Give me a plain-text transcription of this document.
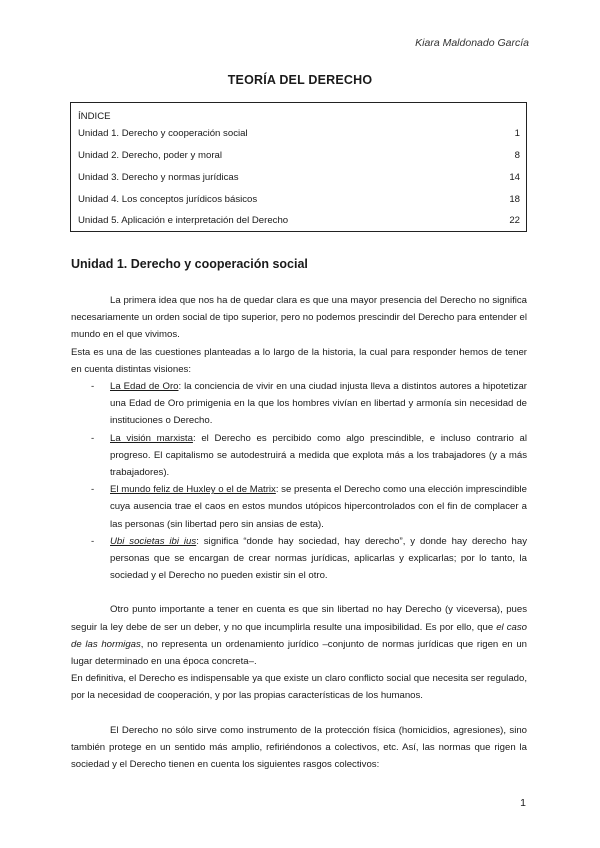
Kiara Maldonado García
TEORÍA DEL DERECHO
ÍNDICE
Unidad 1. Derecho y cooperación social	1
Unidad 2. Derecho, poder y moral	8
Unidad 3. Derecho y normas jurídicas	14
Unidad 4. Los conceptos jurídicos básicos	18
Unidad 5. Aplicación e interpretación del Derecho	22
Unidad 1. Derecho y cooperación social

La primera idea que nos ha de quedar clara es que una mayor presencia del Derecho no significa necesariamente un orden social de tipo superior, pero no podemos prescindir del Derecho para entender el mundo en el que vivimos.

Esta es una de las cuestiones planteadas a lo largo de la historia, la cual para responder hemos de tener en cuenta distintas visiones:

- La Edad de Oro: la conciencia de vivir en una ciudad injusta lleva a distintos autores a hipotetizar una Edad de Oro primigenia en la que los hombres vivían en libertad y armonía sin necesidad de instituciones o Derecho.
- La visión marxista: el Derecho es percibido como algo prescindible, e incluso contrario al progreso. El capitalismo se autodestruirá a medida que explota más a los trabajadores (y a más trabajadores).
- El mundo feliz de Huxley o el de Matrix: se presenta el Derecho como una elección imprescindible cuya ausencia trae el caos en estos mundos utópicos hipercontrolados con el fin de complacer a las personas (sin libertad pero sin ansias de esta).
- Ubi societas ibi ius: significa “donde hay sociedad, hay derecho”, y donde hay derecho hay personas que se encargan de crear normas jurídicas, aplicarlas y explicarlas; por lo tanto, la sociedad y el Derecho no pueden existir sin el otro.

Otro punto importante a tener en cuenta es que sin libertad no hay Derecho (y viceversa), pues seguir la ley debe de ser un deber, y no que incumplirla resulte una imposibilidad. Es por ello, que el caso de las hormigas, no representa un ordenamiento jurídico –conjunto de normas jurídicas que rigen en un lugar determinado en una época concreta–.

En definitiva, el Derecho es indispensable ya que existe un claro conflicto social que necesita ser regulado, por la necesidad de cooperación, y por las propias características de los humanos.

El Derecho no sólo sirve como instrumento de la protección física (homicidios, agresiones), sino también protege en un sentido más amplio, refiriéndonos a colectivos, etc. Así, las normas que rigen la sociedad y el Derecho tienen en cuenta los siguientes rasgos colectivos:

1
